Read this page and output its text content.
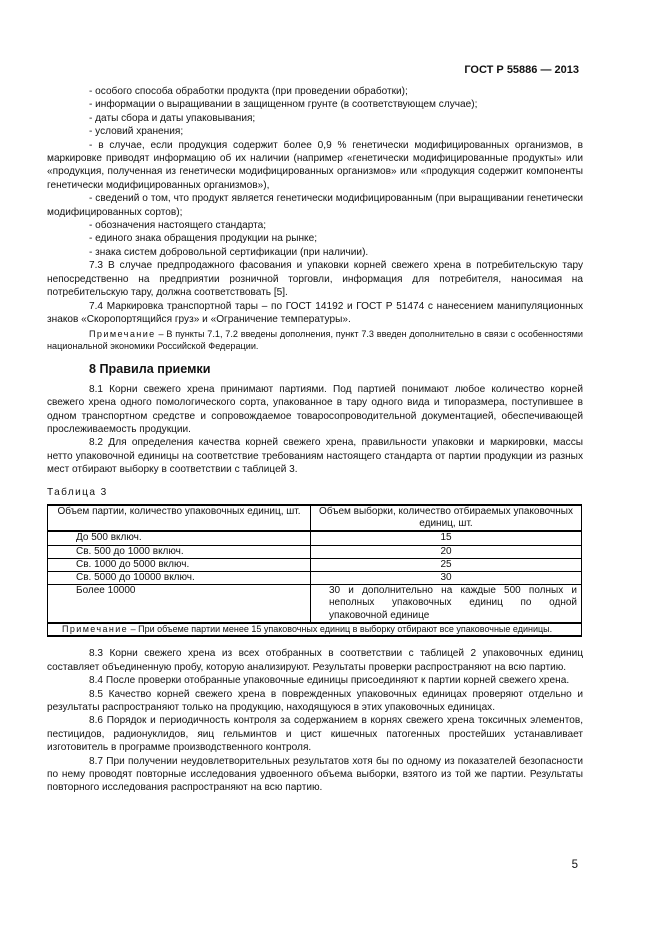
ГОСТ Р 55886 — 2013

- особого способа обработки продукта (при проведении обработки);

- информации о выращивании в защищенном грунте (в соответствующем случае);

- даты сбора и даты упаковывания;

- условий хранения;

- в случае, если продукция содержит более 0,9 % генетически модифицированных организмов, в маркировке приводят информацию об их наличии (например «генетически модифицированные продукты» или «продукция, полученная из генетически модифицированных организмов» или «продукция содержит компоненты генетически модифицированных организмов»),

- сведений о том, что продукт является генетически модифицированным (при выращивании генетически модифицированных сортов);

- обозначения настоящего стандарта;

- единого знака обращения продукции на рынке;

- знака систем добровольной сертификации (при наличии).

7.3 В случае предпродажного фасования и упаковки корней свежего хрена в потребительскую тару непосредственно на предприятии розничной торговли, информация для потребителя, наносимая на потребительскую тару, должна соответствовать [5].

7.4 Маркировка транспортной тары – по ГОСТ 14192 и ГОСТ Р 51474 с нанесением манипуляционных знаков «Скоропортящийся груз» и «Ограничение температуры».

Примечание – В пункты 7.1, 7.2 введены дополнения, пункт 7.3 введен дополнительно в связи с особенностями национальной экономики Российской Федерации.

8 Правила приемки

8.1 Корни свежего хрена принимают партиями. Под партией понимают любое количество корней свежего хрена одного помологического сорта, упакованное в тару одного вида и типоразмера, поступившее в одном транспортном средстве и сопровождаемое товаросопроводительной документацией, обеспечивающей прослеживаемость продукции.

8.2 Для определения качества корней свежего хрена, правильности упаковки и маркировки, массы нетто упаковочной единицы на соответствие требованиям настоящего стандарта от партии продукции из разных мест отбирают выборку в соответствии с таблицей 3.

Таблица 3

Объем партии, количество упаковочных единиц, шт.	Объем выборки, количество отбираемых упаковочных единиц, шт.
До 500 включ.	15
Св. 500 до 1000 включ.	20
Св. 1000 до 5000 включ.	25
Св. 5000 до 10000 включ.	30
Более 10000	30 и дополнительно на каждые 500 полных и неполных упаковочных единиц по одной упаковочной единице
Примечание – При объеме партии менее 15 упаковочных единиц в выборку отбирают все упаковочные единицы.	

8.3 Корни свежего хрена из всех отобранных в соответствии с таблицей 2 упаковочных единиц составляет объединенную пробу, которую анализируют. Результаты проверки распространяют на всю партию.

8.4 После проверки отобранные упаковочные единицы присоединяют к партии корней свежего хрена.

8.5 Качество корней свежего хрена в поврежденных упаковочных единицах проверяют отдельно и результаты распространяют только на продукцию, находящуюся в этих упаковочных единицах.

8.6 Порядок и периодичность контроля за содержанием в корнях свежего хрена токсичных элементов, пестицидов, радионуклидов, яиц гельминтов и цист кишечных патогенных простейших устанавливает изготовитель в программе производственного контроля.

8.7 При получении неудовлетворительных результатов хотя бы по одному из показателей безопасности по нему проводят повторные исследования удвоенного объема выборки, взятого из той же партии. Результаты повторного исследования распространяют на всю партию.

5
